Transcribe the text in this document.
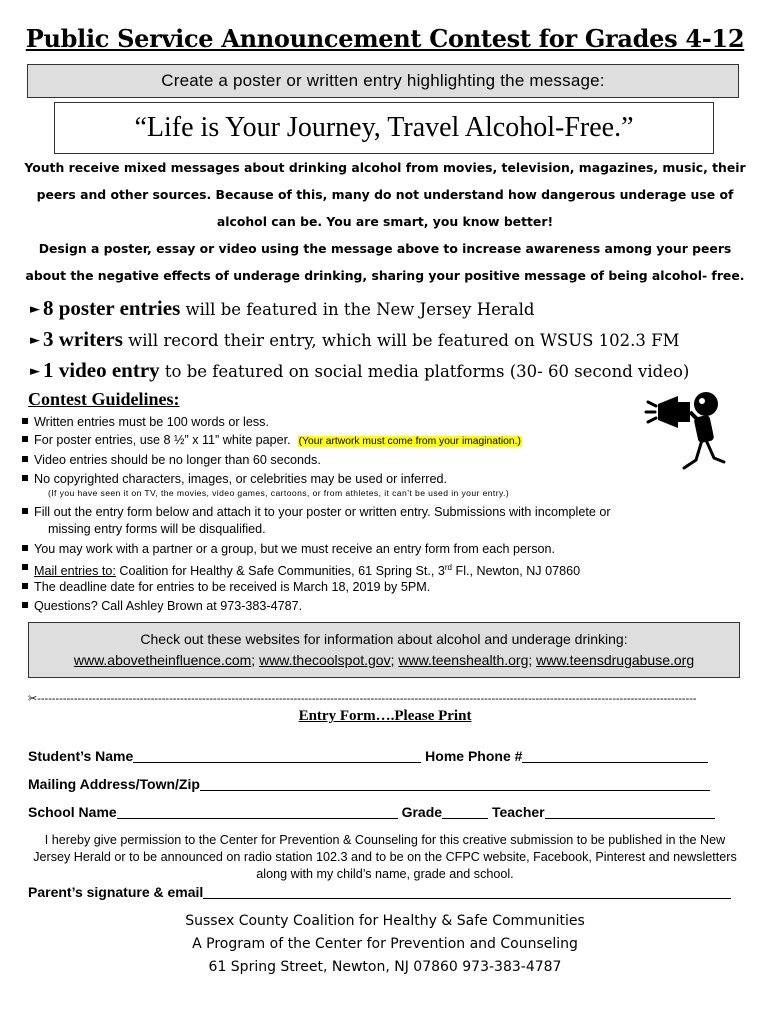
Public Service Announcement Contest for Grades 4-12
Create a poster or written entry highlighting the message:
“Life is Your Journey, Travel Alcohol-Free.”
Youth receive mixed messages about drinking alcohol from movies, television, magazines, music, their
peers and other sources. Because of this, many do not understand how dangerous underage use of
alcohol can be. You are smart, you know better!
Design a poster, essay or video using the message above to increase awareness among your peers
about the negative effects of underage drinking, sharing your positive message of being alcohol- free.
► 8 poster entries will be featured in the New Jersey Herald
► 3 writers will record their entry, which will be featured on WSUS 102.3 FM
► 1 video entry to be featured on social media platforms (30- 60 second video)
Contest Guidelines:
Written entries must be 100 words or less.
For poster entries, use 8 ½” x 11” white paper. (Your artwork must come from your imagination.)
Video entries should be no longer than 60 seconds.
No copyrighted characters, images, or celebrities may be used or inferred.
(If you have seen it on TV, the movies, video games, cartoons, or from athletes, it can’t be used in your entry.)
Fill out the entry form below and attach it to your poster or written entry. Submissions with incomplete or
missing entry forms will be disqualified.
You may work with a partner or a group, but we must receive an entry form from each person.
Mail entries to: Coalition for Healthy & Safe Communities, 61 Spring St., 3rd Fl., Newton, NJ 07860
The deadline date for entries to be received is March 18, 2019 by 5PM.
Questions? Call Ashley Brown at 973-383-4787.
Check out these websites for information about alcohol and underage drinking:
www.abovetheinfluence.com; www.thecoolspot.gov; www.teenshealth.org; www.teensdrugabuse.org
✂------------------------------------------------------------------------------------------------------------------------------------------------------------------------------------
Entry Form….Please Print
Student’s Name	Home Phone #
Mailing Address/Town/Zip
School Name	Grade	Teacher
I hereby give permission to the Center for Prevention & Counseling for this creative submission to be published in the New Jersey Herald or to be announced on radio station 102.3 and to be on the CFPC website, Facebook, Pinterest and newsletters along with my child’s name, grade and school.
Parent’s signature & email
Sussex County Coalition for Healthy & Safe Communities
A Program of the Center for Prevention and Counseling
61 Spring Street, Newton, NJ 07860 973-383-4787
